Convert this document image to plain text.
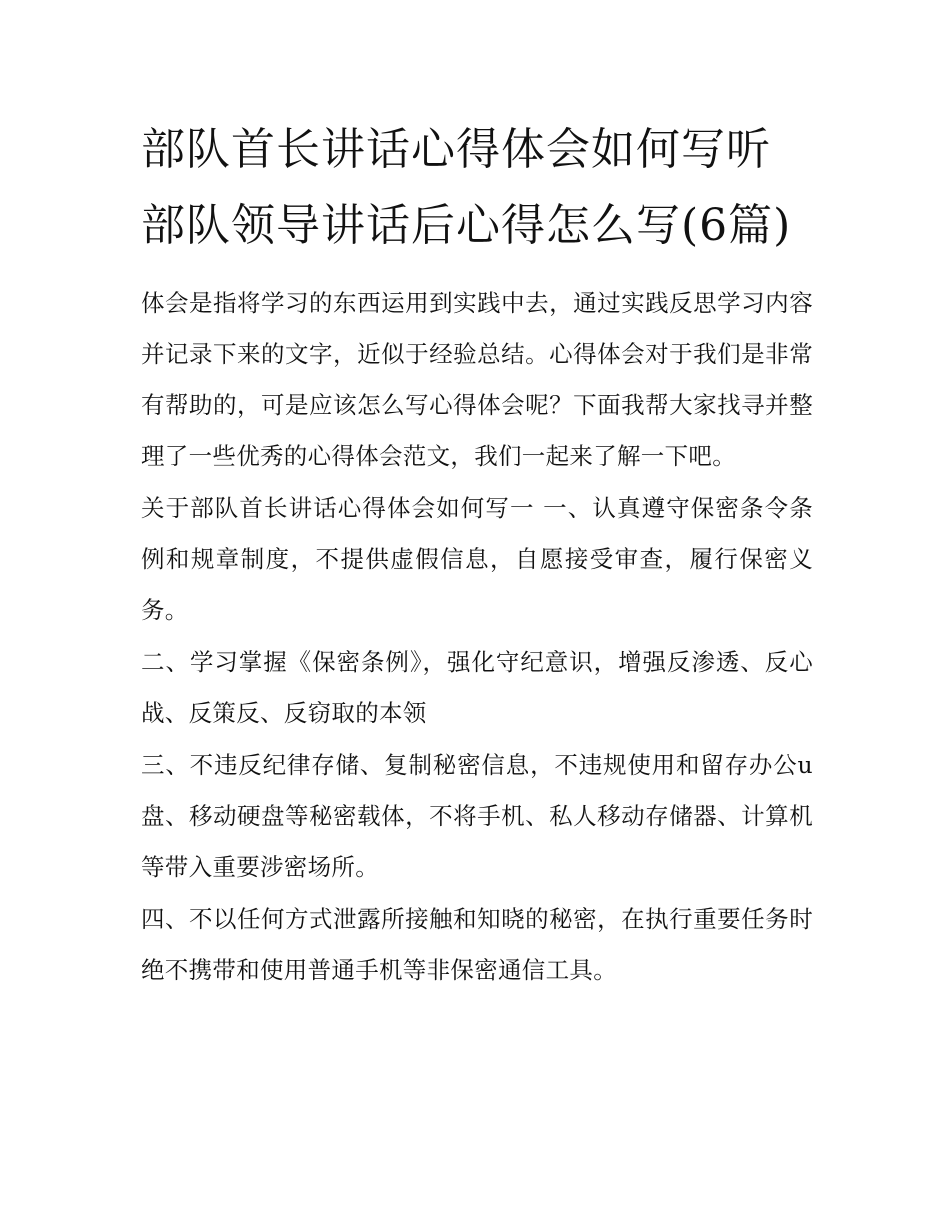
部队首长讲话心得体会如何写听部队领导讲话后心得怎么写(6篇)

体会是指将学习的东西运用到实践中去，通过实践反思学习内容并记录下来的文字，近似于经验总结。心得体会对于我们是非常有帮助的，可是应该怎么写心得体会呢？下面我帮大家找寻并整理了一些优秀的心得体会范文，我们一起来了解一下吧。

关于部队首长讲话心得体会如何写一 一、认真遵守保密条令条例和规章制度，不提供虚假信息，自愿接受审查，履行保密义务。

二、学习掌握《保密条例》，强化守纪意识，增强反渗透、反心战、反策反、反窃取的本领

三、不违反纪律存储、复制秘密信息，不违规使用和留存办公u盘、移动硬盘等秘密载体，不将手机、私人移动存储器、计算机等带入重要涉密场所。

四、不以任何方式泄露所接触和知晓的秘密，在执行重要任务时绝不携带和使用普通手机等非保密通信工具。
